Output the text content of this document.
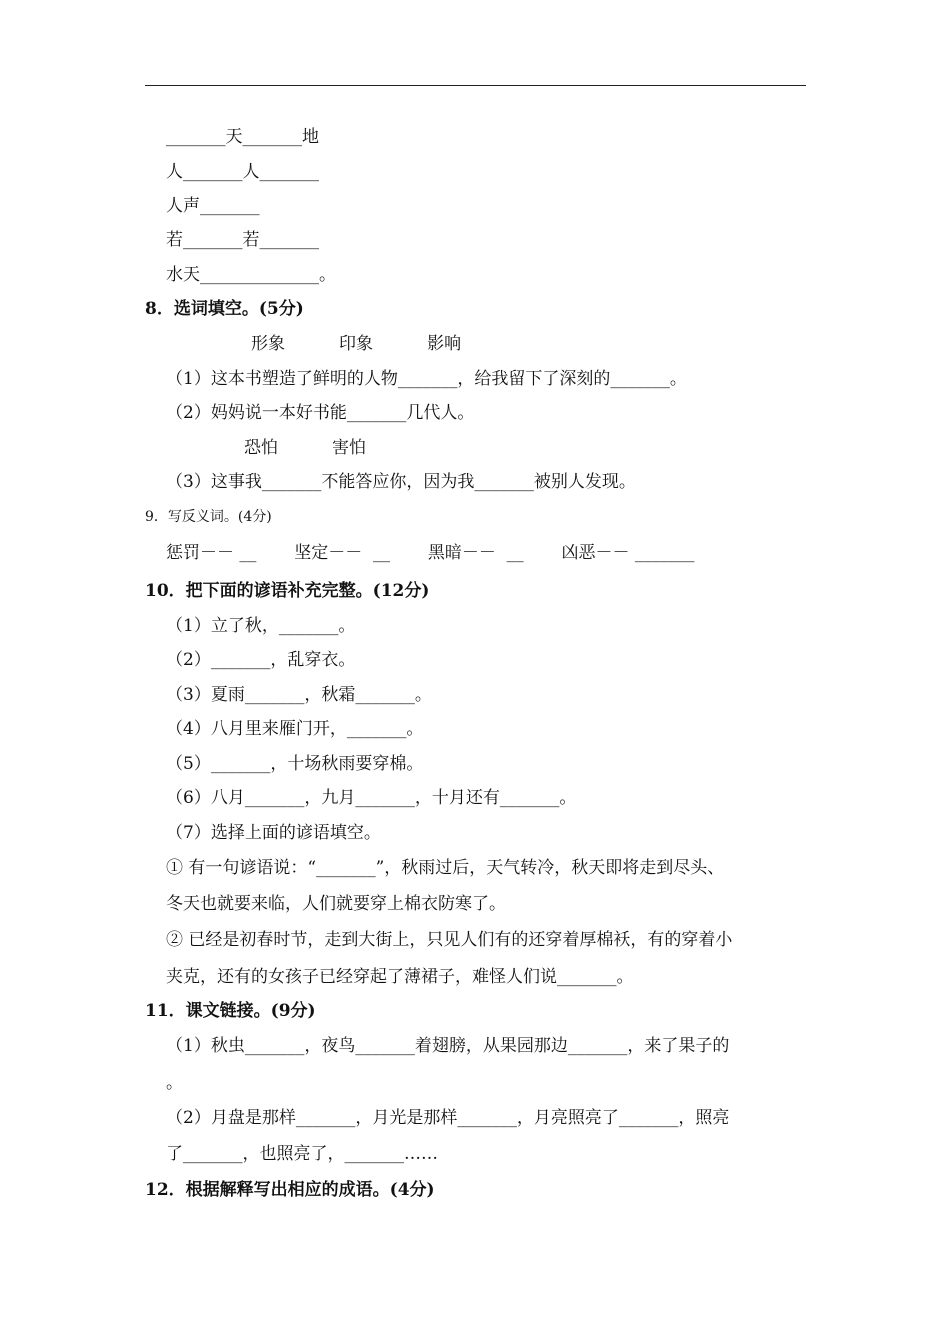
_______天_______地
人_______人_______
人声_______
若_______若_______
水天______________。
8．选词填空。(5分)
形象          印象          影响
（1）这本书塑造了鲜明的人物_______，给我留下了深刻的_______。
（2）妈妈说一本好书能_______几代人。
恐怕          害怕
（3）这事我_______不能答应你，因为我_______被别人发现。
9．写反义词。(4分)
惩罚－－ __       坚定－－  __       黑暗－－  __       凶恶－－ _______
10．把下面的谚语补充完整。(12分)
（1）立了秋，_______。
（2）_______，乱穿衣。
（3）夏雨_______，秋霜_______。
（4）八月里来雁门开，_______。
（5）_______，十场秋雨要穿棉。
（6）八月_______，九月_______，十月还有_______。
（7）选择上面的谚语填空。
① 有一句谚语说：“_______”，秋雨过后，天气转冷，秋天即将走到尽头、
冬天也就要来临，人们就要穿上棉衣防寒了。
② 已经是初春时节，走到大街上，只见人们有的还穿着厚棉袄，有的穿着小
夹克，还有的女孩子已经穿起了薄裙子，难怪人们说_______。
11．课文链接。(9分)
（1）秋虫_______，夜鸟_______着翅膀，从果园那边_______，来了果子的
。
（2）月盘是那样_______，月光是那样_______，月亮照亮了_______，照亮
了_______，也照亮了，_______……
12．根据解释写出相应的成语。(4分)
